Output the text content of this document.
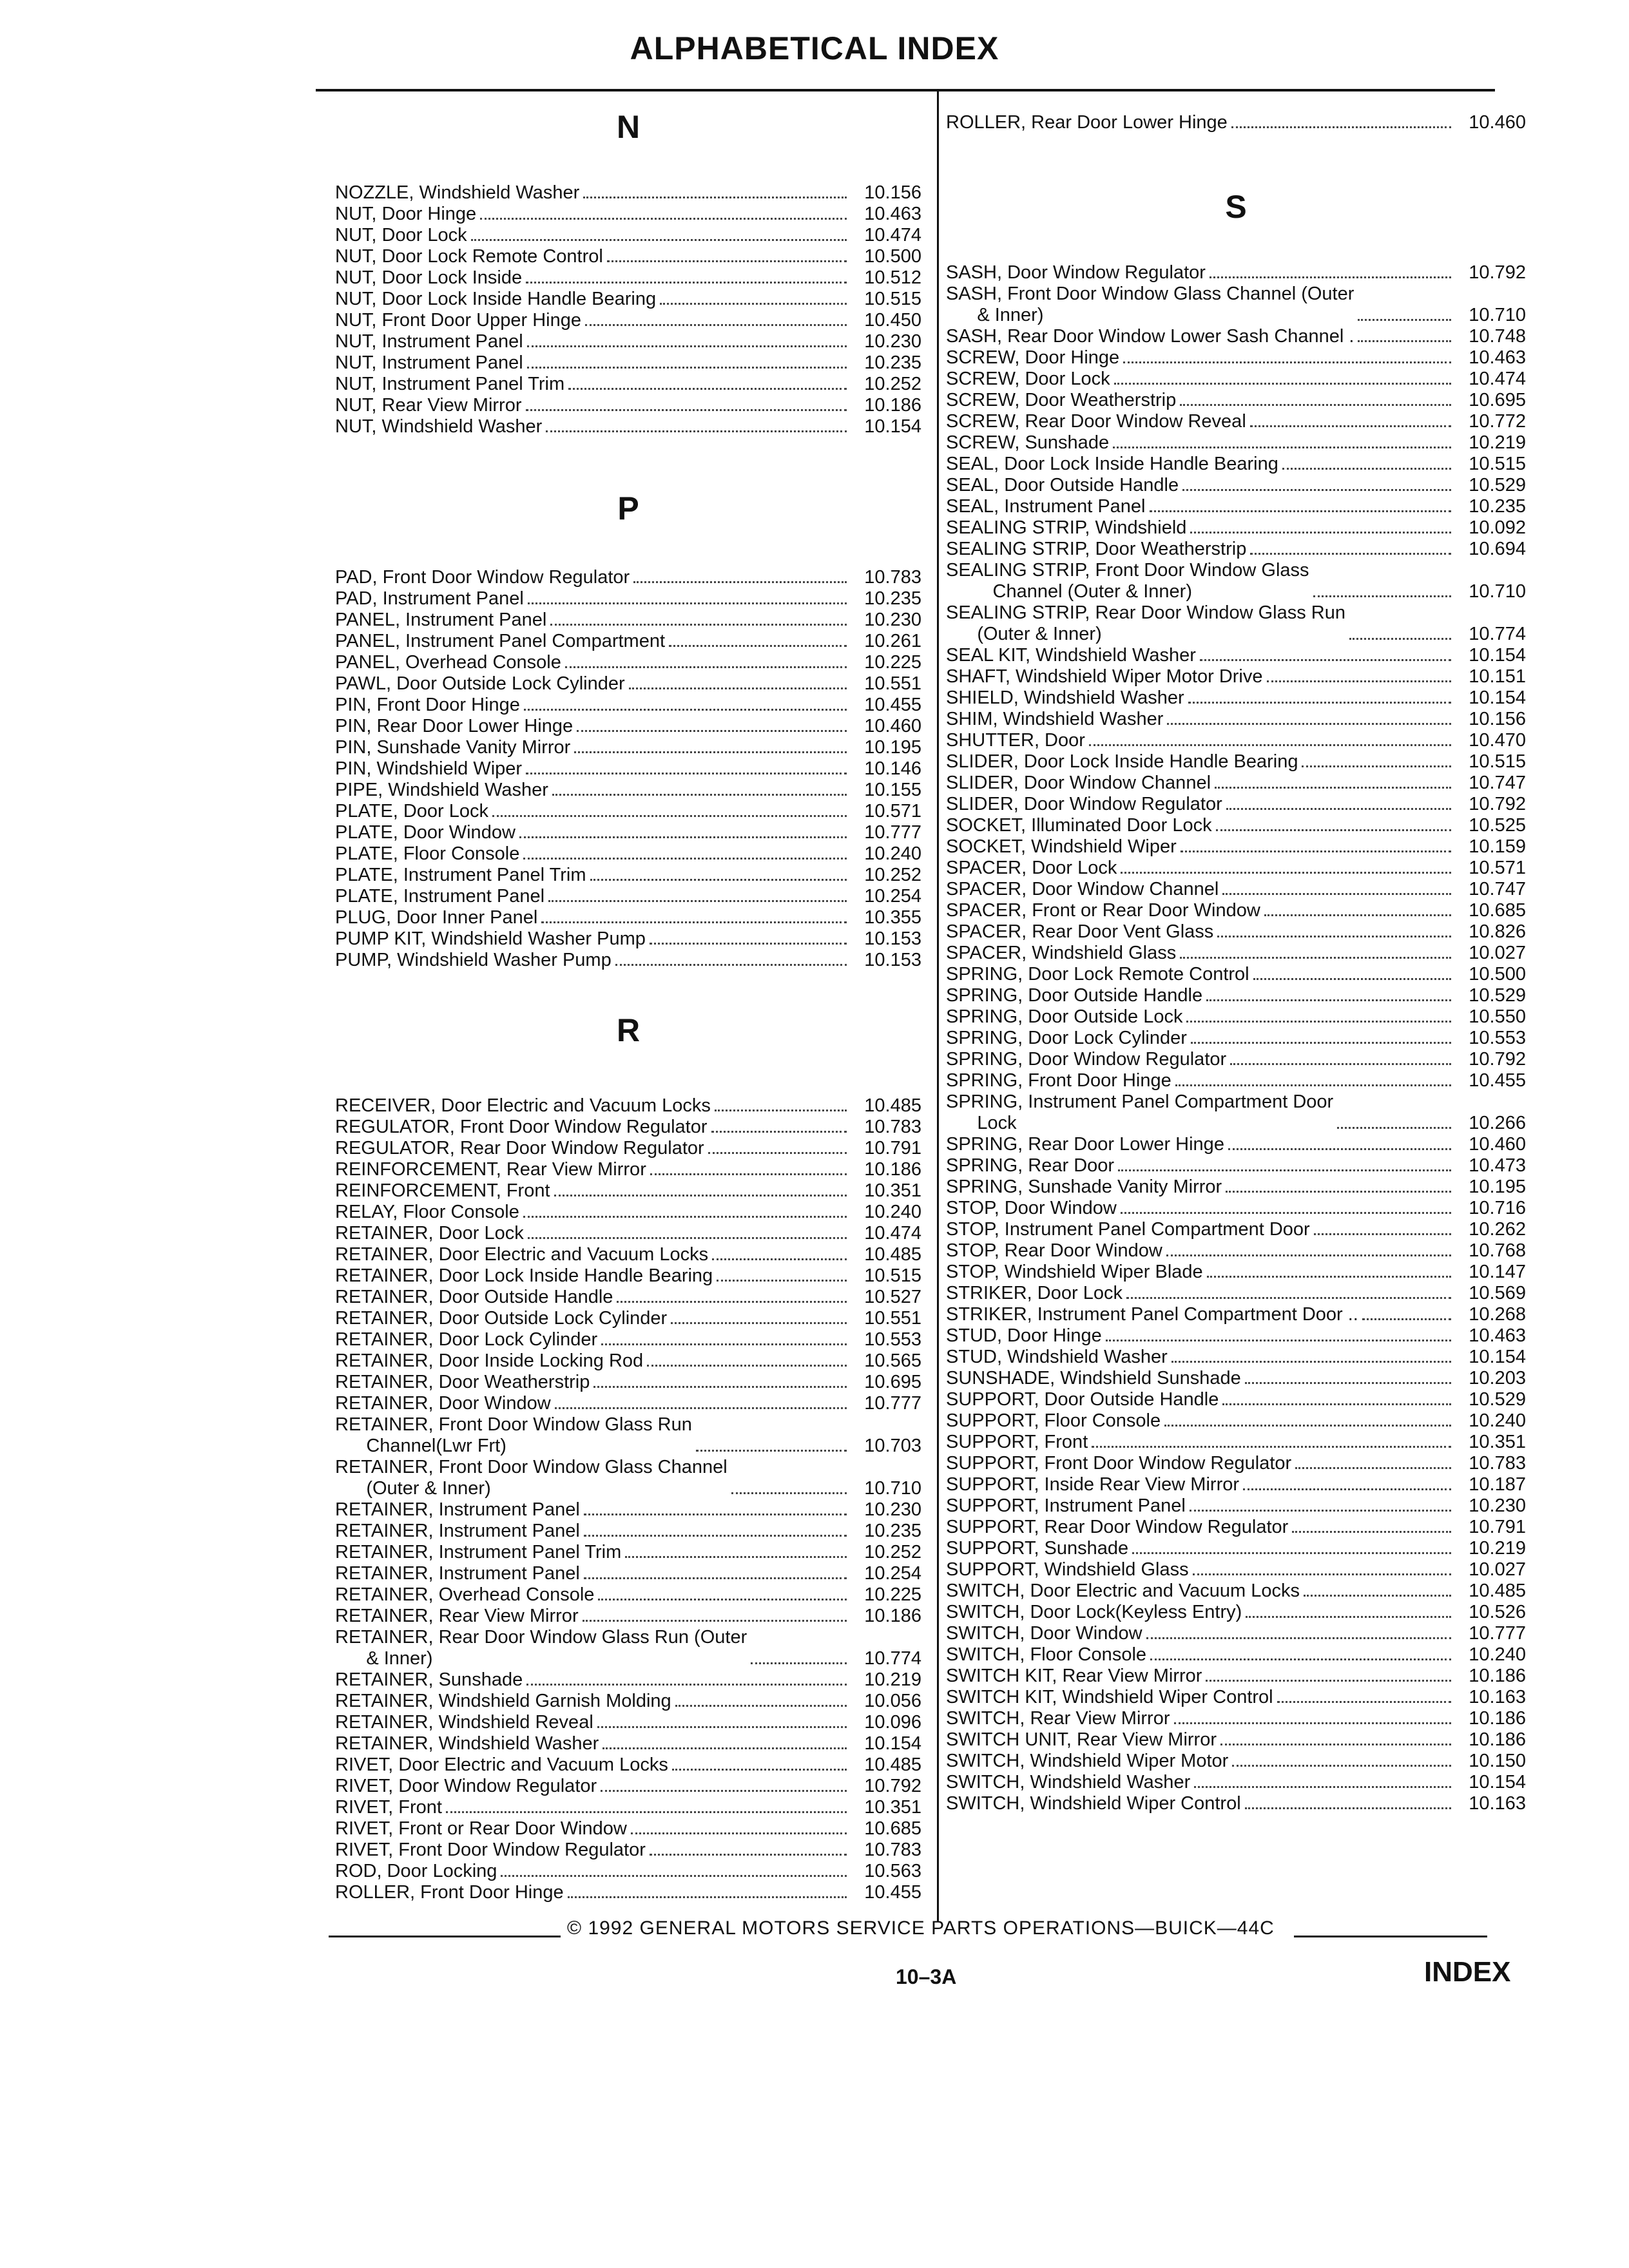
ALPHABETICAL INDEX
N
NOZZLE, Windshield Washer	10.156
NUT, Door Hinge	10.463
NUT, Door Lock	10.474
NUT, Door Lock Remote Control	10.500
NUT, Door Lock Inside	10.512
NUT, Door Lock Inside Handle Bearing	10.515
NUT, Front Door Upper Hinge	10.450
NUT, Instrument Panel	10.230
NUT, Instrument Panel	10.235
NUT, Instrument Panel Trim	10.252
NUT, Rear View Mirror	10.186
NUT, Windshield Washer	10.154
P
PAD, Front Door Window Regulator	10.783
PAD, Instrument Panel	10.235
PANEL, Instrument Panel	10.230
PANEL, Instrument Panel Compartment	10.261
PANEL, Overhead Console	10.225
PAWL, Door Outside Lock Cylinder	10.551
PIN, Front Door Hinge	10.455
PIN, Rear Door Lower Hinge	10.460
PIN, Sunshade Vanity Mirror	10.195
PIN, Windshield Wiper	10.146
PIPE, Windshield Washer	10.155
PLATE, Door Lock	10.571
PLATE, Door Window	10.777
PLATE, Floor Console	10.240
PLATE, Instrument Panel Trim	10.252
PLATE, Instrument Panel	10.254
PLUG, Door Inner Panel	10.355
PUMP KIT, Windshield Washer Pump	10.153
PUMP, Windshield Washer Pump	10.153
R
RECEIVER, Door Electric and Vacuum Locks	10.485
REGULATOR, Front Door Window Regulator	10.783
REGULATOR, Rear Door Window Regulator	10.791
REINFORCEMENT, Rear View Mirror	10.186
REINFORCEMENT, Front	10.351
RELAY, Floor Console	10.240
RETAINER, Door Lock	10.474
RETAINER, Door Electric and Vacuum Locks	10.485
RETAINER, Door Lock Inside Handle Bearing	10.515
RETAINER, Door Outside Handle	10.527
RETAINER, Door Outside Lock Cylinder	10.551
RETAINER, Door Lock Cylinder	10.553
RETAINER, Door Inside Locking Rod	10.565
RETAINER, Door Weatherstrip	10.695
RETAINER, Door Window	10.777
RETAINER, Front Door Window Glass Run
Channel(Lwr Frt)	10.703
RETAINER, Front Door Window Glass Channel
(Outer & Inner)	10.710
RETAINER, Instrument Panel	10.230
RETAINER, Instrument Panel	10.235
RETAINER, Instrument Panel Trim	10.252
RETAINER, Instrument Panel	10.254
RETAINER, Overhead Console	10.225
RETAINER, Rear View Mirror	10.186
RETAINER, Rear Door Window Glass Run (Outer
& Inner)	10.774
RETAINER, Sunshade	10.219
RETAINER, Windshield Garnish Molding	10.056
RETAINER, Windshield Reveal	10.096
RETAINER, Windshield Washer	10.154
RIVET, Door Electric and Vacuum Locks	10.485
RIVET, Door Window Regulator	10.792
RIVET, Front	10.351
RIVET, Front or Rear Door Window	10.685
RIVET, Front Door Window Regulator	10.783
ROD, Door Locking	10.563
ROLLER, Front Door Hinge	10.455
ROLLER, Rear Door Lower Hinge	10.460
S
SASH, Door Window Regulator	10.792
SASH, Front Door Window Glass Channel (Outer
& Inner)	10.710
SASH, Rear Door Window Lower Sash Channel .	10.748
SCREW, Door Hinge	10.463
SCREW, Door Lock	10.474
SCREW, Door Weatherstrip	10.695
SCREW, Rear Door Window Reveal	10.772
SCREW, Sunshade	10.219
SEAL, Door Lock Inside Handle Bearing	10.515
SEAL, Door Outside Handle	10.529
SEAL, Instrument Panel	10.235
SEALING STRIP, Windshield	10.092
SEALING STRIP, Door Weatherstrip	10.694
SEALING STRIP, Front Door Window Glass
Channel (Outer & Inner)	10.710
SEALING STRIP, Rear Door Window Glass Run
(Outer & Inner)	10.774
SEAL KIT, Windshield Washer	10.154
SHAFT, Windshield Wiper Motor Drive	10.151
SHIELD, Windshield Washer	10.154
SHIM, Windshield Washer	10.156
SHUTTER, Door	10.470
SLIDER, Door Lock Inside Handle Bearing	10.515
SLIDER, Door Window Channel	10.747
SLIDER, Door Window Regulator	10.792
SOCKET, Illuminated Door Lock	10.525
SOCKET, Windshield Wiper	10.159
SPACER, Door Lock	10.571
SPACER, Door Window Channel	10.747
SPACER, Front or Rear Door Window	10.685
SPACER, Rear Door Vent Glass	10.826
SPACER, Windshield Glass	10.027
SPRING, Door Lock Remote Control	10.500
SPRING, Door Outside Handle	10.529
SPRING, Door Outside Lock	10.550
SPRING, Door Lock Cylinder	10.553
SPRING, Door Window Regulator	10.792
SPRING, Front Door Hinge	10.455
SPRING, Instrument Panel Compartment Door
Lock	10.266
SPRING, Rear Door Lower Hinge	10.460
SPRING, Rear Door	10.473
SPRING, Sunshade Vanity Mirror	10.195
STOP, Door Window	10.716
STOP, Instrument Panel Compartment Door	10.262
STOP, Rear Door Window	10.768
STOP, Windshield Wiper Blade	10.147
STRIKER, Door Lock	10.569
STRIKER, Instrument Panel Compartment Door ..	10.268
STUD, Door Hinge	10.463
STUD, Windshield Washer	10.154
SUNSHADE, Windshield Sunshade	10.203
SUPPORT, Door Outside Handle	10.529
SUPPORT, Floor Console	10.240
SUPPORT, Front	10.351
SUPPORT, Front Door Window Regulator	10.783
SUPPORT, Inside Rear View Mirror	10.187
SUPPORT, Instrument Panel	10.230
SUPPORT, Rear Door Window Regulator	10.791
SUPPORT, Sunshade	10.219
SUPPORT, Windshield Glass	10.027
SWITCH, Door Electric and Vacuum Locks	10.485
SWITCH, Door Lock(Keyless Entry)	10.526
SWITCH, Door Window	10.777
SWITCH, Floor Console	10.240
SWITCH KIT, Rear View Mirror	10.186
SWITCH KIT, Windshield Wiper Control	10.163
SWITCH, Rear View Mirror	10.186
SWITCH UNIT, Rear View Mirror	10.186
SWITCH, Windshield Wiper Motor	10.150
SWITCH, Windshield Washer	10.154
SWITCH, Windshield Wiper Control	10.163
© 1992 GENERAL MOTORS SERVICE PARTS OPERATIONS—BUICK—44C
10–3A	INDEX
